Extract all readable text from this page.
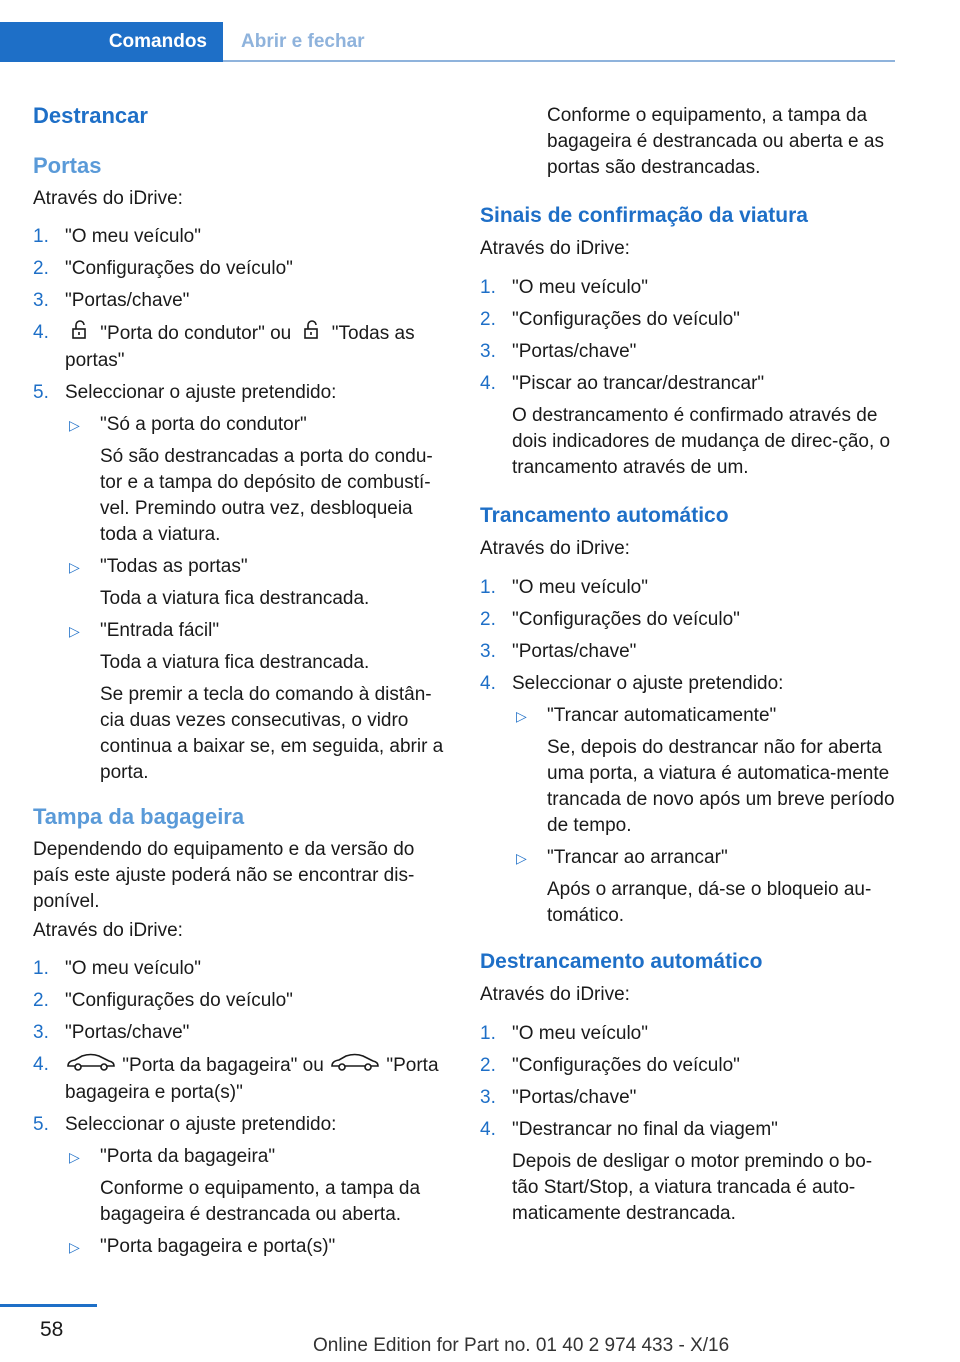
Comandos	Abrir e fechar
Destrancar
Portas

Através do iDrive:

1. "O meu veículo"
2. "Configurações do veículo"
3. "Portas/chave"
4.	"Porta do condutor" ou "Todas as portas"
5. Seleccionar o ajuste pretendido:
▷ "Só a porta do condutor"
Só são destrancadas a porta do condu-tor e a tampa do depósito de combustí-vel. Premindo outra vez, desbloqueia toda a viatura.
▷ "Todas as portas"
Toda a viatura fica destrancada.
▷ "Entrada fácil"
Toda a viatura fica destrancada.
Se premir a tecla do comando à distân-cia duas vezes consecutivas, o vidro continua a baixar se, em seguida, abrir a porta.
Tampa da bagageira

Dependendo do equipamento e da versão do país este ajuste poderá não se encontrar dis-ponível.

Através do iDrive:

1. "O meu veículo"
2. "Configurações do veículo"
3. "Portas/chave"
4.	"Porta da bagageira" ou	"Porta bagageira e porta(s)"
5. Seleccionar o ajuste pretendido:
▷ "Porta da bagageira"
Conforme o equipamento, a tampa da bagageira é destrancada ou aberta.
▷ "Porta bagageira e porta(s)"

Conforme o equipamento, a tampa da bagageira é destrancada ou aberta e as portas são destrancadas.

Sinais de confirmação da viatura

Através do iDrive:

1. "O meu veículo"
2. "Configurações do veículo"
3. "Portas/chave"
4. "Piscar ao trancar/destrancar"
O destrancamento é confirmado através de dois indicadores de mudança de direc-ção, o trancamento através de um.
Trancamento automático

Através do iDrive:

1. "O meu veículo"
2. "Configurações do veículo"
3. "Portas/chave"
4. Seleccionar o ajuste pretendido:
▷ "Trancar automaticamente"
Se, depois do destrancar não for aberta uma porta, a viatura é automatica-mente trancada de novo após um breve período de tempo.
▷ "Trancar ao arrancar"
Após o arranque, dá-se o bloqueio au-tomático.
Destrancamento automático

Através do iDrive:

1. "O meu veículo"
2. "Configurações do veículo"
3. "Portas/chave"
4. "Destrancar no final da viagem"
Depois de desligar o motor premindo o bo-tão Start/Stop, a viatura trancada é auto-maticamente destrancada.
58
Online Edition for Part no. 01 40 2 974 433 - X/16
